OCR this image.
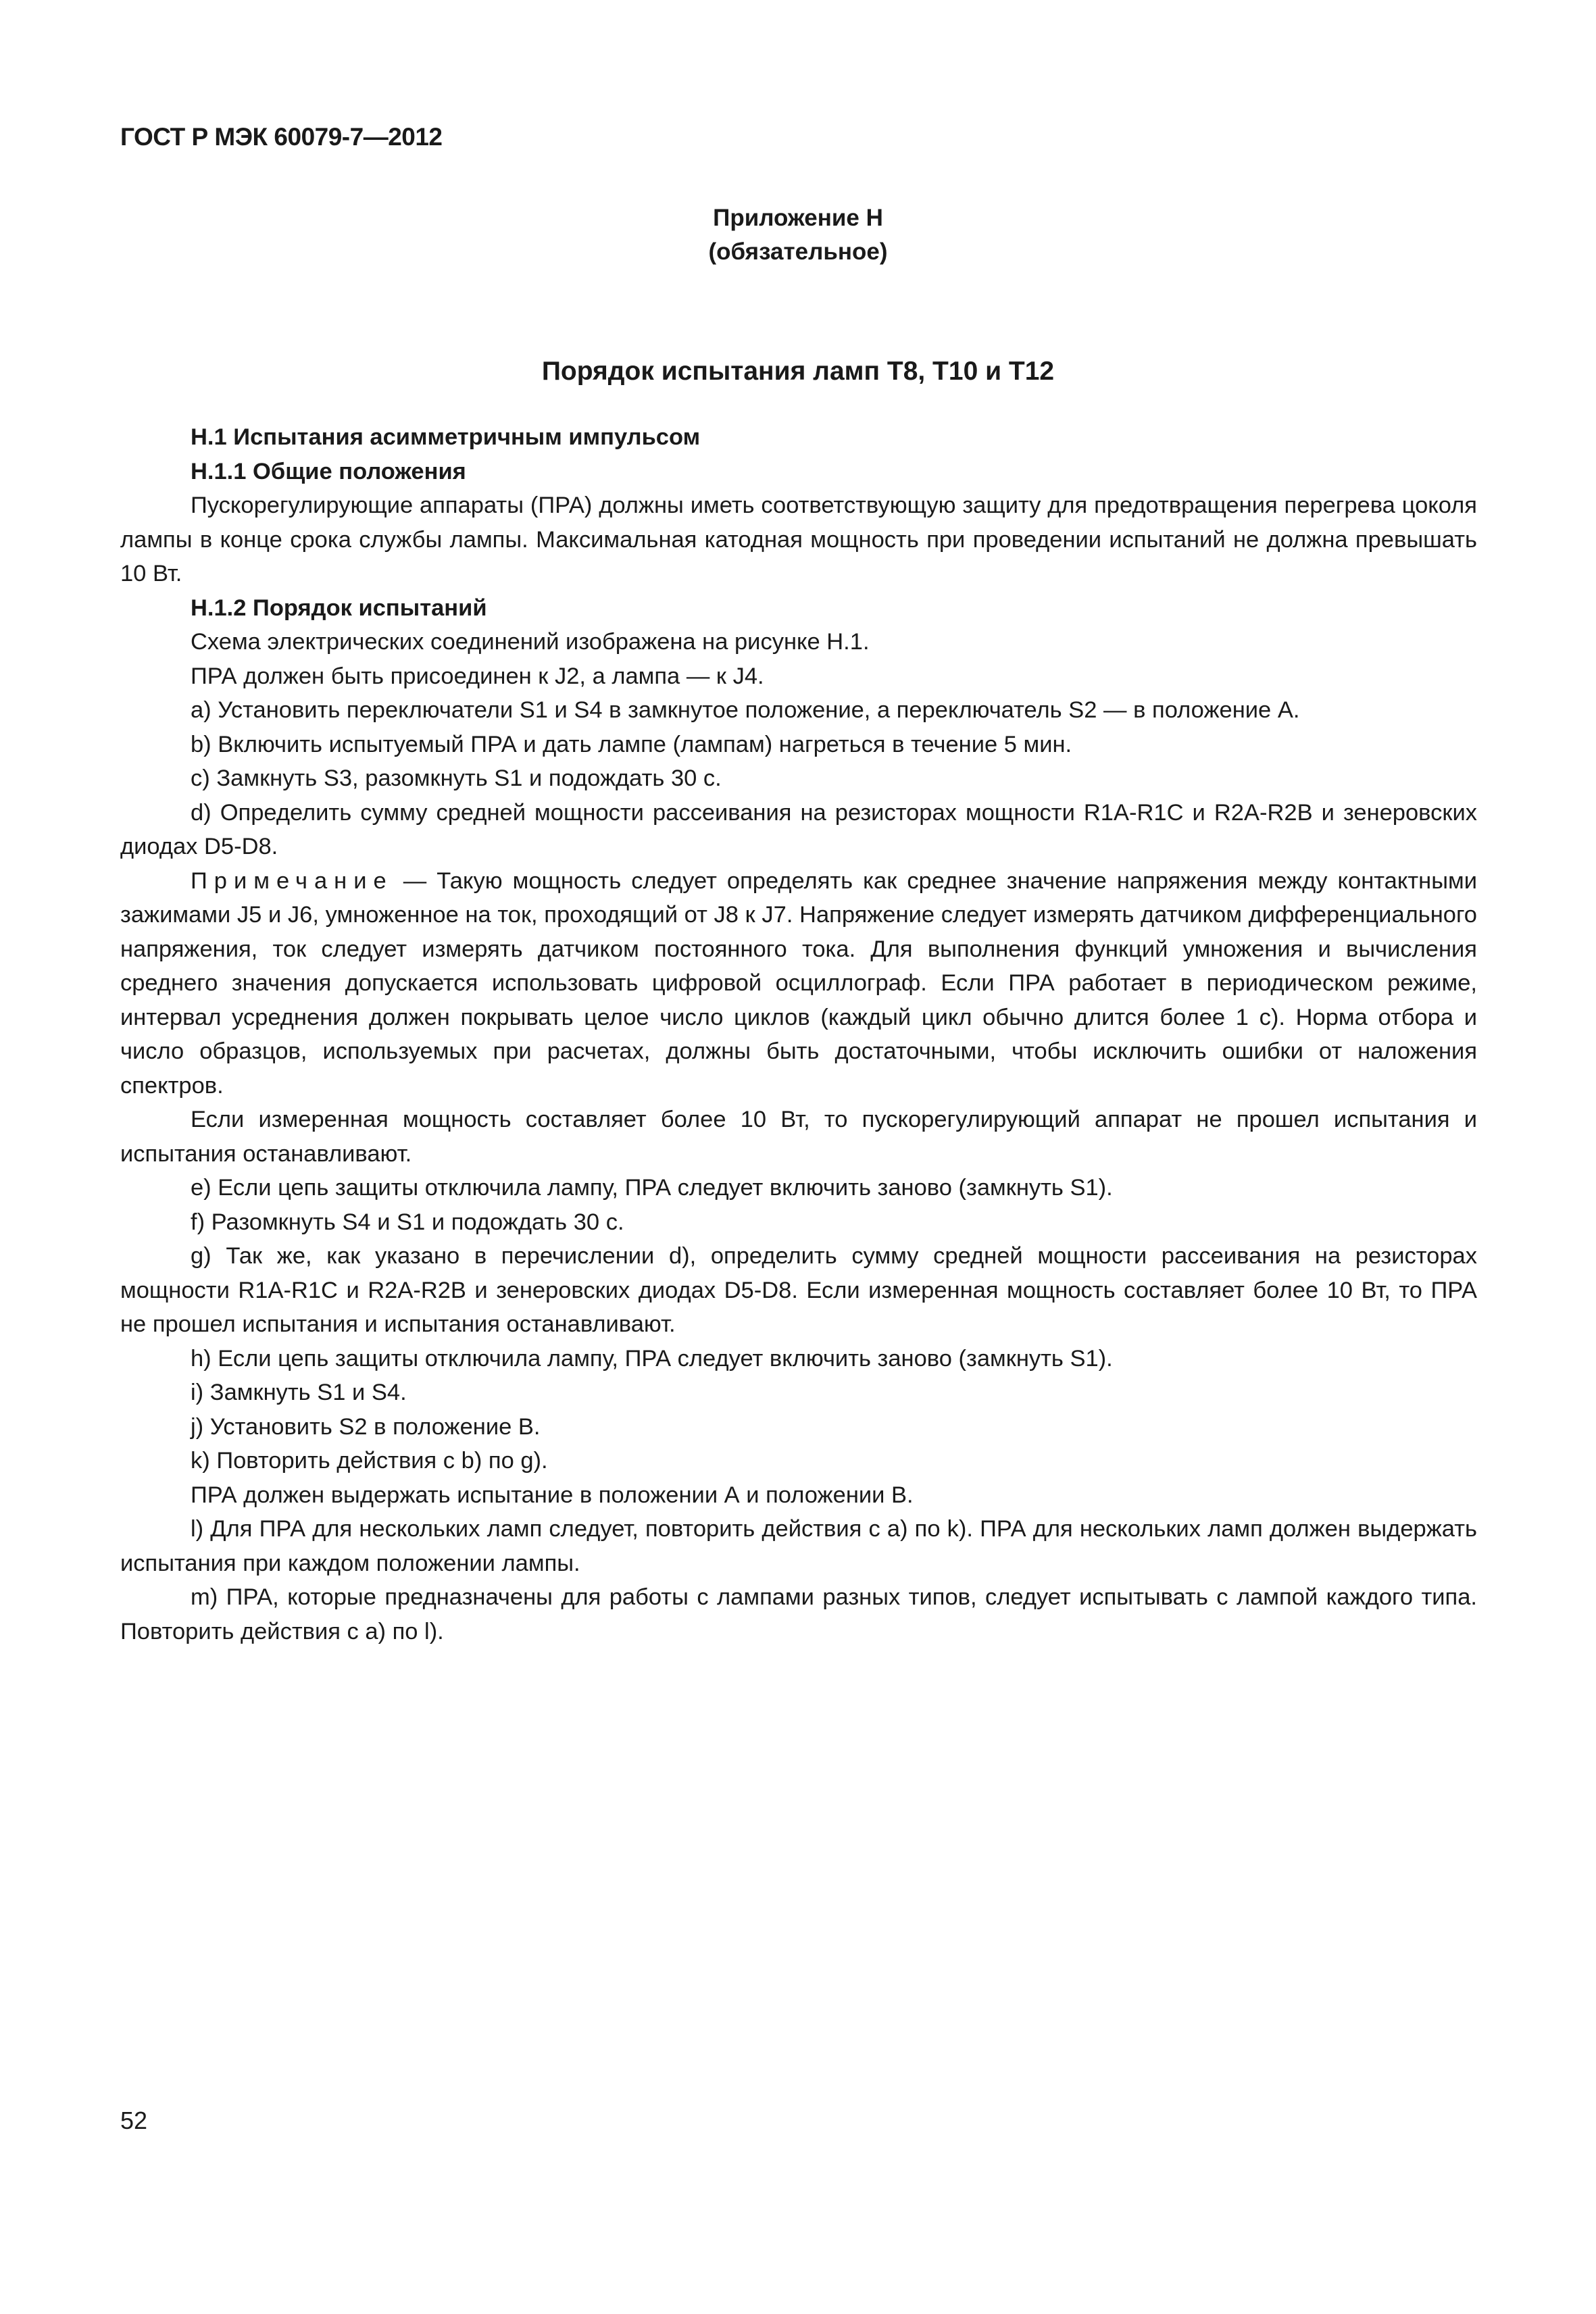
ГОСТ Р МЭК 60079-7—2012
Приложение Н
(обязательное)
Порядок испытания ламп Т8, Т10 и Т12

Н.1 Испытания асимметричным импульсом

Н.1.1 Общие положения

Пускорегулирующие аппараты (ПРА) должны иметь соответствующую защиту для предотвращения перегрева цоколя лампы в конце срока службы лампы. Максимальная катодная мощность при проведении испытаний не должна превышать 10 Вт.

Н.1.2 Порядок испытаний

Схема электрических соединений изображена на рисунке Н.1.

ПРА должен быть присоединен к J2, а лампа — к J4.

а) Установить переключатели S1 и S4 в замкнутое положение, а переключатель S2 — в положение А.

b) Включить испытуемый ПРА и дать лампе (лампам) нагреться в течение 5 мин.

с) Замкнуть S3, разомкнуть S1 и подождать 30 с.

d) Определить сумму средней мощности рассеивания на резисторах мощности R1A-R1C и R2A-R2B и зенеровских диодах D5-D8.

Примечание — Такую мощность следует определять как среднее значение напряжения между контактными зажимами J5 и J6, умноженное на ток, проходящий от J8 к J7. Напряжение следует измерять датчиком дифференциального напряжения, ток следует измерять датчиком постоянного тока. Для выполнения функций умножения и вычисления среднего значения допускается использовать цифровой осциллограф. Если ПРА работает в периодическом режиме, интервал усреднения должен покрывать целое число циклов (каждый цикл обычно длится более 1 с). Норма отбора и число образцов, используемых при расчетах, должны быть достаточными, чтобы исключить ошибки от наложения спектров.

Если измеренная мощность составляет более 10 Вт, то пускорегулирующий аппарат не прошел испытания и испытания останавливают.

е) Если цепь защиты отключила лампу, ПРА следует включить заново (замкнуть S1).

f) Разомкнуть S4 и S1 и подождать 30 с.

g) Так же, как указано в перечислении d), определить сумму средней мощности рассеивания на резисторах мощности R1A-R1C и R2A-R2B и зенеровских диодах D5-D8. Если измеренная мощность составляет более 10 Вт, то ПРА не прошел испытания и испытания останавливают.

h) Если цепь защиты отключила лампу, ПРА следует включить заново (замкнуть S1).

i) Замкнуть S1 и S4.

j) Установить S2 в положение В.

k) Повторить действия с b) по g).

ПРА должен выдержать испытание в положении А и положении В.

l) Для ПРА для нескольких ламп следует, повторить действия с а) по k). ПРА для нескольких ламп должен выдержать испытания при каждом положении лампы.

m) ПРА, которые предназначены для работы с лампами разных типов, следует испытывать с лампой каждого типа. Повторить действия с а) по l).

52
